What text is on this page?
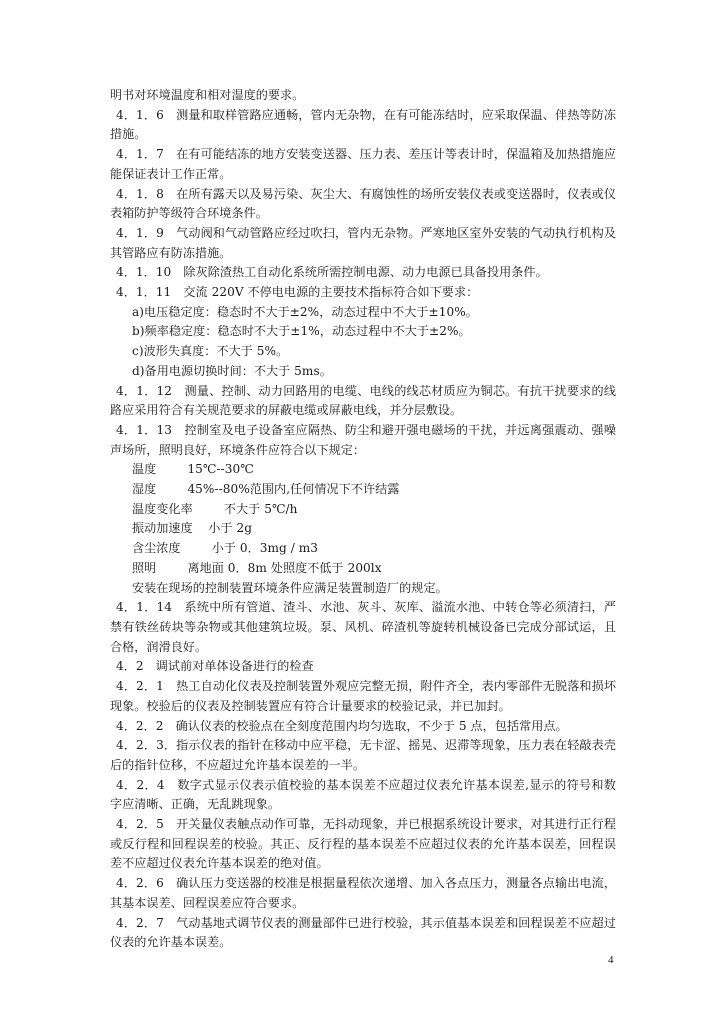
明书对环境温度和相对湿度的要求。

4．1．6　测量和取样管路应通畅，管内无杂物，在有可能冻结时，应采取保温、伴热等防冻措施。

4．1．7　在有可能结冻的地方安装变送器、压力表、差压计等表计时，保温箱及加热措施应能保证表计工作正常。

4．1．8　在所有露天以及易污染、灰尘大、有腐蚀性的场所安装仪表或变送器时，仪表或仪表箱防护等级符合环境条件。

4．1．9　气动阀和气动管路应经过吹扫，管内无杂物。严寒地区室外安装的气动执行机构及其管路应有防冻措施。

4．1．10　除灰除渣热工自动化系统所需控制电源、动力电源已具备投用条件。

4．1．11　交流 220V 不停电电源的主要技术指标符合如下要求：

a)电压稳定度：稳态时不大于±2%，动态过程中不大于±10%。

b)频率稳定度：稳态时不大于±1%，动态过程中不大于±2%。

c)波形失真度：不大于 5%。

d)备用电源切换时间：不大于 5ms。

4．1．12　测量、控制、动力回路用的电缆、电线的线芯材质应为铜芯。有抗干扰要求的线路应采用符合有关规范要求的屏蔽电缆或屏蔽电线，并分层敷设。

4．1．13　控制室及电子设备室应隔热、防尘和避开强电磁场的干扰，并远离强震动、强噪声场所，照明良好，环境条件应符合以下规定：

温度        15℃--30℃

湿度        45%--80%范围内,任何情况下不许结露

温度变化率        不大于 5℃/h

振动加速度    小于 2g

含尘浓度        小于 0．3mg / m3

照明        离地面 0．8m 处照度不低于 200lx

安装在现场的控制装置环境条件应满足装置制造厂的规定。

4．1．14　系统中所有管道、渣斗、水池、灰斗、灰库、溢流水池、中转仓等必须清扫，严禁有铁丝砖块等杂物或其他建筑垃圾。泵、风机、碎渣机等旋转机械设备已完成分部试运，且合格，润滑良好。

4．2　调试前对单体设备进行的检查

4．2．1　热工自动化仪表及控制装置外观应完整无损，附件齐全，表内零部件无脱落和损坏现象。校验后的仪表及控制装置应有符合计量要求的校验记录，并已加封。

4．2．2　确认仪表的校验点在全刻度范围内均匀选取，不少于 5 点，包括常用点。

4．2．3．指示仪表的指针在移动中应平稳，无卡涩、摇晃、迟滞等现象，压力表在轻敲表壳后的指针位移，不应超过允许基本误差的一半。

4．2．4　数字式显示仪表示值校验的基本误差不应超过仪表允许基本误差,显示的符号和数字应清晰、正确，无乱跳现象。

4．2．5　开关量仪表触点动作可靠，无抖动现象，并已根据系统设计要求，对其进行正行程或反行程和回程误差的校验。其正、反行程的基本误差不应超过仪表的允许基本误差，回程误差不应超过仪表允许基本误差的绝对值。

4．2．6　确认压力变送器的校准是根据量程依次递增、加入各点压力，测量各点输出电流，其基本误差、回程误差应符合要求。

4．2．7　气动基地式调节仪表的测量部件已进行校验，其示值基本误差和回程误差不应超过仪表的允许基本误差。

4
